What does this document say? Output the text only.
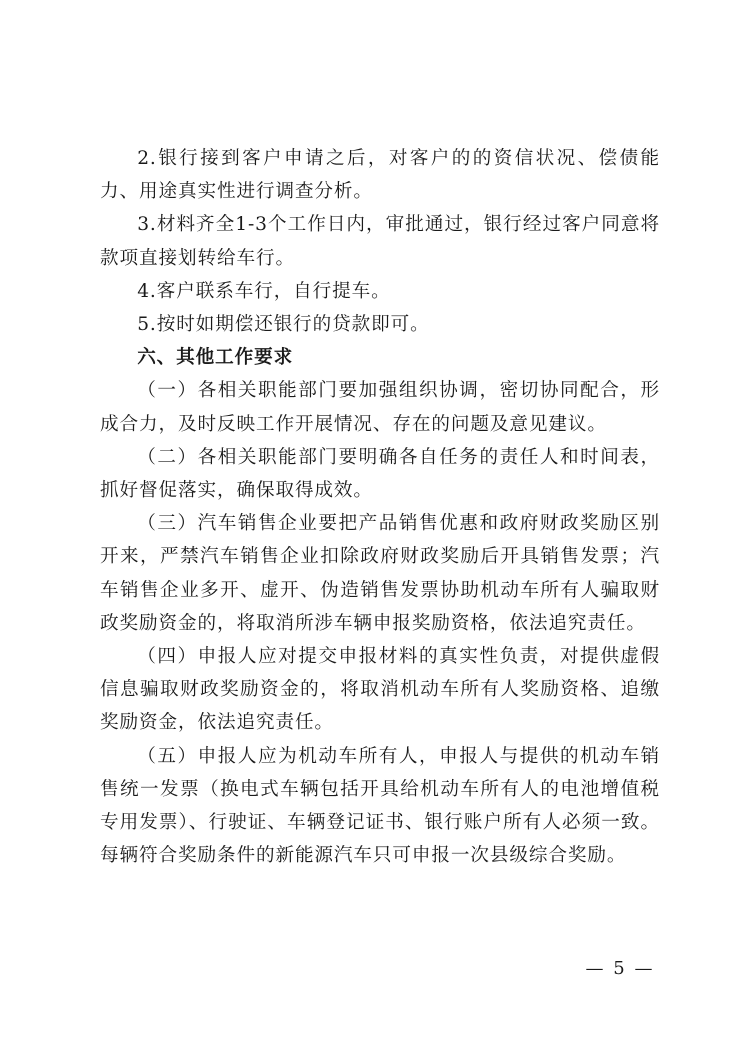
2.银行接到客户申请之后，对客户的的资信状况、偿债能力、用途真实性进行调查分析。

3.材料齐全1-3个工作日内，审批通过，银行经过客户同意将款项直接划转给车行。

4.客户联系车行，自行提车。

5.按时如期偿还银行的贷款即可。

六、其他工作要求

（一）各相关职能部门要加强组织协调，密切协同配合，形成合力，及时反映工作开展情况、存在的问题及意见建议。

（二）各相关职能部门要明确各自任务的责任人和时间表，抓好督促落实，确保取得成效。

（三）汽车销售企业要把产品销售优惠和政府财政奖励区别开来，严禁汽车销售企业扣除政府财政奖励后开具销售发票；汽车销售企业多开、虚开、伪造销售发票协助机动车所有人骗取财政奖励资金的，将取消所涉车辆申报奖励资格，依法追究责任。

（四）申报人应对提交申报材料的真实性负责，对提供虚假信息骗取财政奖励资金的，将取消机动车所有人奖励资格、追缴奖励资金，依法追究责任。

（五）申报人应为机动车所有人，申报人与提供的机动车销售统一发票（换电式车辆包括开具给机动车所有人的电池增值税专用发票）、行驶证、车辆登记证书、银行账户所有人必须一致。每辆符合奖励条件的新能源汽车只可申报一次县级综合奖励。

— 5 —
